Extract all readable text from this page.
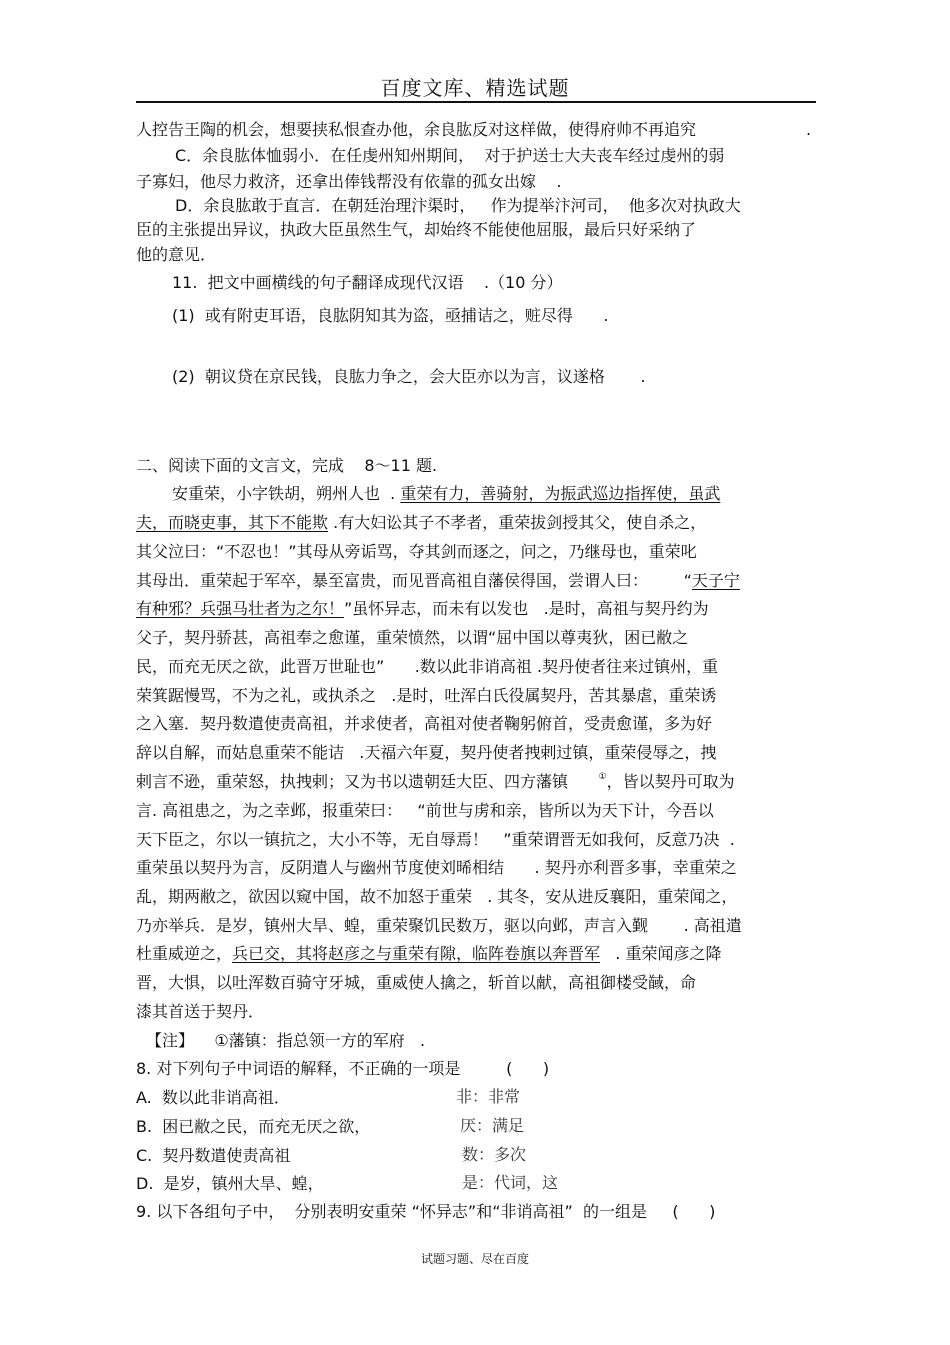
百度文库、精选试题
人控告王陶的机会，想要挟私恨查办他，余良肱反对这样做，使得府帅不再追究	.
C．余良肱体恤弱小．在任虔州知州期间，  对于护送士大夫丧车经过虔州的弱
子寡妇，他尽力救济，还拿出俸钱帮没有依靠的孤女出嫁    .
D．余良肱敢于直言．在朝廷治理汴渠时，   作为提举汴河司，  他多次对执政大
臣的主张提出异议，执政大臣虽然生气，却始终不能使他屈服，最后只好采纳了
他的意见．
11.  把文中画横线的句子翻译成现代汉语    .（10 分）
(1)  或有附吏耳语，良肱阴知其为盗，亟捕诘之，赃尽得      .
(2)  朝议贷在京民钱，良肱力争之，会大臣亦以为言，议遂格       .
二、阅读下面的文言文，完成    8～11 题.
安重荣，小字铁胡，朔州人也  . 重荣有力，善骑射，为振武巡边指挥使，虽武
夫，而晓吏事，其下不能欺 .有大妇讼其子不孝者，重荣拔剑授其父，使自杀之，
其父泣曰：“不忍也！”其母从旁诟骂，夺其剑而逐之，问之，乃继母也，重荣叱
其母出．重荣起于军卒，暴至富贵，而见晋高祖自藩侯得国，尝谓人曰：       “天子宁
有种邪？兵强马壮者为之尔！”虽怀异志，而未有以发也   .是时，高祖与契丹约为
父子，契丹骄甚，高祖奉之愈谨，重荣愤然，以谓“屈中国以尊夷狄，困已敝之
民，而充无厌之欲，此晋万世耻也”      .数以此非诮高祖 .契丹使者往来过镇州，重
荣箕踞慢骂，不为之礼，或执杀之   .是时，吐浑白氏役属契丹，苦其暴虐，重荣诱
之入塞．契丹数遣使责高祖，并求使者，高祖对使者鞠躬俯首，受责愈谨，多为好
辞以自解，而姑息重荣不能诘   .天福六年夏，契丹使者拽剌过镇，重荣侵辱之，拽
剌言不逊，重荣怒，执拽剌；又为书以遗朝廷大臣、四方藩镇	①，皆以契丹可取为
言. 高祖患之，为之幸邺，报重荣曰：   “前世与虏和亲，皆所以为天下计，今吾以
天下臣之，尔以一镇抗之，大小不等，无自辱焉！   ”重荣谓晋无如我何，反意乃决  .
重荣虽以契丹为言，反阴遣人与幽州节度使刘晞相结      . 契丹亦利晋多事，幸重荣之
乱，期两敝之，欲因以窥中国，故不加怒于重荣   . 其冬，安从进反襄阳，重荣闻之，
乃亦举兵．是岁，镇州大旱、蝗，重荣聚饥民数万，驱以向邺，声言入觐       . 高祖遣
杜重威逆之，兵已交，其将赵彦之与重荣有隙，临阵卷旗以奔晋军   . 重荣闻彦之降
晋，大惧，以吐浑数百骑守牙城，重威使人擒之，斩首以献，高祖御楼受馘，命
漆其首送于契丹．
【注】    ①藩镇：指总领一方的军府   .
8. 对下列句子中词语的解释，不正确的一项是         (      )
A.  数以此非诮高祖．	非：非常
B.  困已敝之民，而充无厌之欲，	厌：满足
C.  契丹数遣使责高祖	数：多次
D.  是岁，镇州大旱、蝗，	是：代词，这
9. 以下各组句子中，  分别表明安重荣 “怀异志”和“非诮高祖”  的一组是     (      )
试题习题、尽在百度
